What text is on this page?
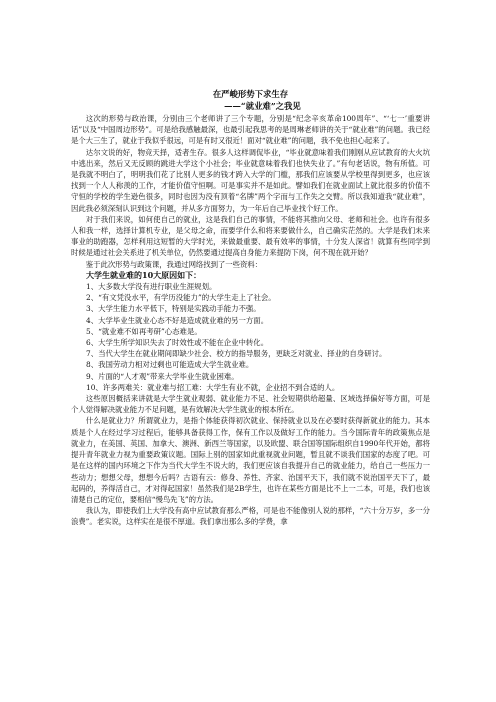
在严峻形势下求生存
——“就业难”之我见

这次的形势与政治课，分别由三个老师讲了三个专题，分别是“纪念辛亥革命100周年”、“‘七一’重要讲话”以及“中国周边形势”。可是给我感触最深，也最引起我思考的是周琳老师讲的关于“就业难”的问题。我已经是个大三生了，就业于我似乎很远，可是有时又很近！面对“就业难”的问题，我不免也担心起来了。

达尔文说的好，物竞天择，适者生存。很多人这样调侃毕业，“毕业就意味着我们刚刚从应试教育的大火坑中逃出来，然后又无反顾的跳进大学这个小社会；毕业就意味着我们也快失业了。”有句老话说，物有所值。可是我就不明白了，明明我们花了比别人更多的钱才跨入大学的门槛，那我们应该要从学校里得到更多，也应该找到一个人人称羡的工作，才能价值守恒啊。可是事实并不是如此。譬如我们在就业面试上就比很多的价值不守恒的学校的学生逊色很多，同时也因为没有顶着“名牌”两个字而与工作失之交臂。所以我知道我“就业难”，因此我必须深刻认识到这个问题，并从多方面努力，为一年后自己毕业找个好工作。

对于我们来说，如何使自己的就业，这是我们自己的事情，不能将其推向父母、老师和社会。也许有很多人和我一样，选择计算机专业，是父母之命，而要学什么和将来要做什么，自己确实茫然的。大学是我们未来事业的助跑器，怎样利用这短暂的大学时光，来做最重要、最有效率的事情，十分发人深省！就算有些同学到时候是通过社会关系进了机关单位，仍然要通过提高自身能力来提防下岗，何不现在就开始？

鉴于此次形势与政策课，我通过网络找到了一些资料：

大学生就业难的10大原因如下：
1、大多数大学没有进行职业生涯规划。
2、“有文凭没水平，有学历没能力”的大学生走上了社会。
3、大学生能力水平低下，特别是实践动手能力不强。
4、大学毕业生就业心态不好是造成就业难的另一方面。
5、“就业难不如再考研”心态难是。
6、大学生所学知识失去了时效性或不能在企业中转化。
7、当代大学生在就业期间即缺少社会、校方的指导服务，更缺乏对就业、择业的自身研讨。
8、我国劳动力相对过剩也可能造成大学生就业难。
9、片面的“人才观”带来大学毕业生就业困难。
10、许多两难关：就业难与招工难：大学生有业不就，企业招不到合适的人。

这些原因概括来讲就是大学生就业观弱、就业能力不足、社会短期供给超量、区域选择偏好等方面，可是个人觉得解决就业能力不足问题，是有效解决大学生就业的根本所在。

什么是就业力？所谓就业力，是指个体能获得初次就业、保持就业以及在必要时获得新就业的能力。其本质是个人在经过学习过程后，能够具备获得工作，保有工作以及做好工作的能力。当今国际青年的政策焦点是就业力，在美国、英国、加拿大、澳洲、新西兰等国家，以及欧盟、联合国等国际组织自1990年代开始，都将提升青年就业力视为重要政策议题。国际上别的国家如此重视就业问题，暂且就不谈我们国家的态度了吧。可是在这样的国内环境之下作为当代大学生不说大的，我们更应该自我提升自己的就业能力，给自己一些压力一些动力；想想父母，想想今后吗？古语有云：修身、养性、齐家、治国平天下，我们就不说治国平天下了，最起码的，养得活自己，才对得起国家！虽然我们是2B学生，也许在某些方面是比不上一二本，可是，我们也该清楚自己的定位，要相信“慢鸟先飞”的方法。

我认为，即使我们上大学没有高中应试教育那么严格，可是也不能像别人说的那样，“六十分万岁，多一分浪费”。老实说，这样实在是很不厚道。我们拿出那么多的学费，拿
